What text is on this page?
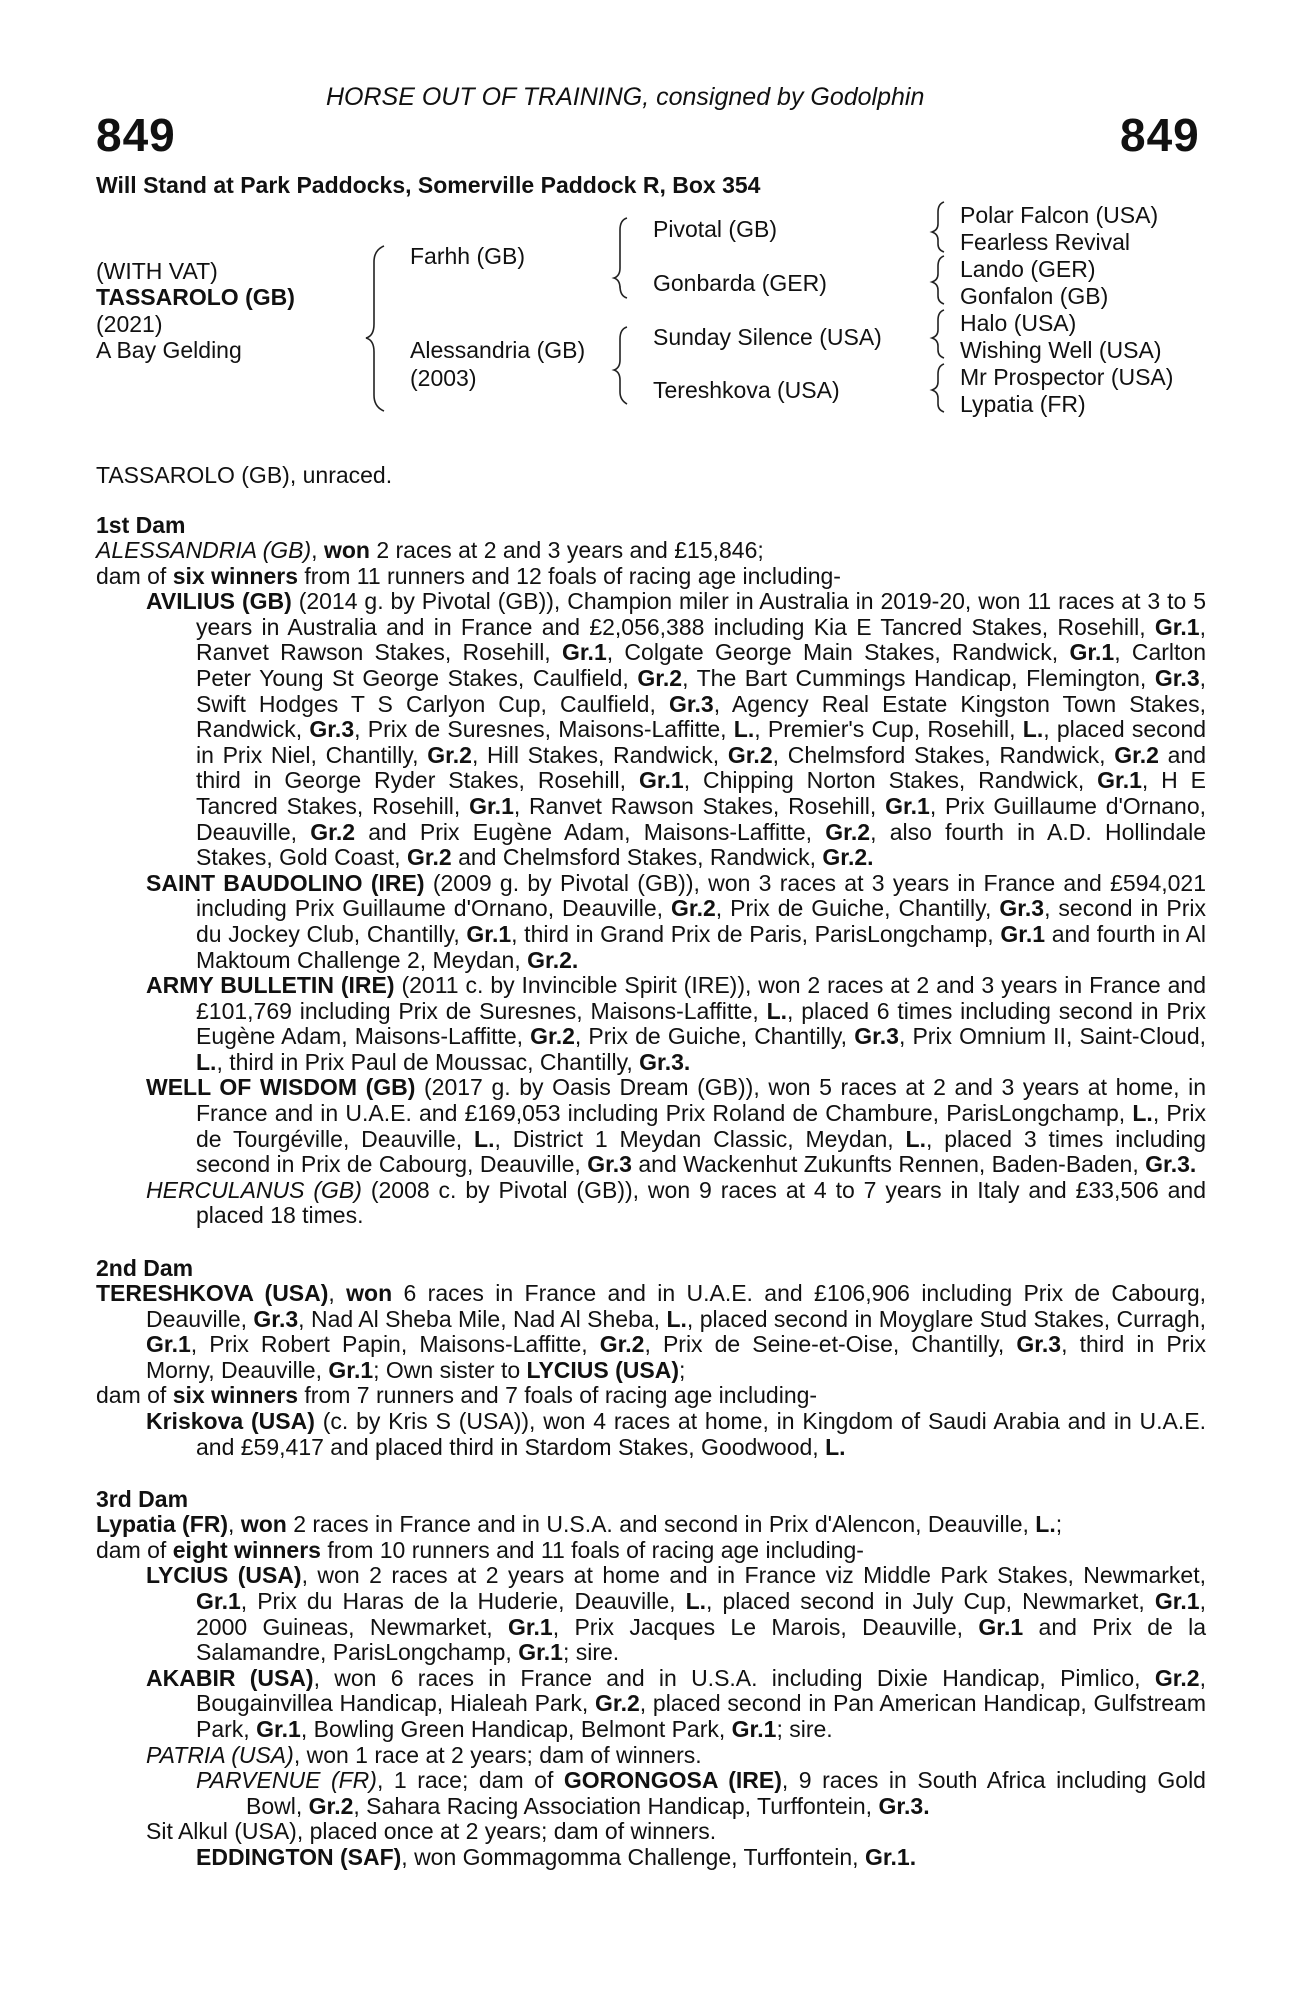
HORSE OUT OF TRAINING, consigned by Godolphin
849	849
Will Stand at Park Paddocks, Somerville Paddock R, Box 354
(WITH VAT)
TASSAROLO (GB)
(2021)
A Bay Gelding
Farhh (GB)
Alessandria (GB)
(2003)
Pivotal (GB)
Gonbarda (GER)
Sunday Silence (USA)
Tereshkova (USA)
Polar Falcon (USA)
Fearless Revival
Lando (GER)
Gonfalon (GB)
Halo (USA)
Wishing Well (USA)
Mr Prospector (USA)
Lypatia (FR)
TASSAROLO (GB), unraced.
1st Dam

ALESSANDRIA (GB), won 2 races at 2 and 3 years and £15,846;

dam of six winners from 11 runners and 12 foals of racing age including-

AVILIUS (GB) (2014 g. by Pivotal (GB)), Champion miler in Australia in 2019-20, won 11 races at 3 to 5 years in Australia and in France and £2,056,388 including Kia E Tancred Stakes, Rosehill, Gr.1, Ranvet Rawson Stakes, Rosehill, Gr.1, Colgate George Main Stakes, Randwick, Gr.1, Carlton Peter Young St George Stakes, Caulfield, Gr.2, The Bart Cummings Handicap, Flemington, Gr.3, Swift Hodges T S Carlyon Cup, Caulfield, Gr.3, Agency Real Estate Kingston Town Stakes, Randwick, Gr.3, Prix de Suresnes, Maisons-Laffitte, L., Premier's Cup, Rosehill, L., placed second in Prix Niel, Chantilly, Gr.2, Hill Stakes, Randwick, Gr.2, Chelmsford Stakes, Randwick, Gr.2 and third in George Ryder Stakes, Rosehill, Gr.1, Chipping Norton Stakes, Randwick, Gr.1, H E Tancred Stakes, Rosehill, Gr.1, Ranvet Rawson Stakes, Rosehill, Gr.1, Prix Guillaume d'Ornano, Deauville, Gr.2 and Prix Eugène Adam, Maisons-Laffitte, Gr.2, also fourth in A.D. Hollindale Stakes, Gold Coast, Gr.2 and Chelmsford Stakes, Randwick, Gr.2.

SAINT BAUDOLINO (IRE) (2009 g. by Pivotal (GB)), won 3 races at 3 years in France and £594,021 including Prix Guillaume d'Ornano, Deauville, Gr.2, Prix de Guiche, Chantilly, Gr.3, second in Prix du Jockey Club, Chantilly, Gr.1, third in Grand Prix de Paris, ParisLongchamp, Gr.1 and fourth in Al Maktoum Challenge 2, Meydan, Gr.2.

ARMY BULLETIN (IRE) (2011 c. by Invincible Spirit (IRE)), won 2 races at 2 and 3 years in France and £101,769 including Prix de Suresnes, Maisons-Laffitte, L., placed 6 times including second in Prix Eugène Adam, Maisons-Laffitte, Gr.2, Prix de Guiche, Chantilly, Gr.3, Prix Omnium II, Saint-Cloud, L., third in Prix Paul de Moussac, Chantilly, Gr.3.

WELL OF WISDOM (GB) (2017 g. by Oasis Dream (GB)), won 5 races at 2 and 3 years at home, in France and in U.A.E. and £169,053 including Prix Roland de Chambure, ParisLongchamp, L., Prix de Tourgéville, Deauville, L., District 1 Meydan Classic, Meydan, L., placed 3 times including second in Prix de Cabourg, Deauville, Gr.3 and Wackenhut Zukunfts Rennen, Baden-Baden, Gr.3.

HERCULANUS (GB) (2008 c. by Pivotal (GB)), won 9 races at 4 to 7 years in Italy and £33,506 and placed 18 times.

2nd Dam

TERESHKOVA (USA), won 6 races in France and in U.A.E. and £106,906 including Prix de Cabourg, Deauville, Gr.3, Nad Al Sheba Mile, Nad Al Sheba, L., placed second in Moyglare Stud Stakes, Curragh, Gr.1, Prix Robert Papin, Maisons-Laffitte, Gr.2, Prix de Seine-et-Oise, Chantilly, Gr.3, third in Prix Morny, Deauville, Gr.1; Own sister to LYCIUS (USA);

dam of six winners from 7 runners and 7 foals of racing age including-

Kriskova (USA) (c. by Kris S (USA)), won 4 races at home, in Kingdom of Saudi Arabia and in U.A.E. and £59,417 and placed third in Stardom Stakes, Goodwood, L.

3rd Dam

Lypatia (FR), won 2 races in France and in U.S.A. and second in Prix d'Alencon, Deauville, L.;

dam of eight winners from 10 runners and 11 foals of racing age including-

LYCIUS (USA), won 2 races at 2 years at home and in France viz Middle Park Stakes, Newmarket, Gr.1, Prix du Haras de la Huderie, Deauville, L., placed second in July Cup, Newmarket, Gr.1, 2000 Guineas, Newmarket, Gr.1, Prix Jacques Le Marois, Deauville, Gr.1 and Prix de la Salamandre, ParisLongchamp, Gr.1; sire.

AKABIR (USA), won 6 races in France and in U.S.A. including Dixie Handicap, Pimlico, Gr.2, Bougainvillea Handicap, Hialeah Park, Gr.2, placed second in Pan American Handicap, Gulfstream Park, Gr.1, Bowling Green Handicap, Belmont Park, Gr.1; sire.

PATRIA (USA), won 1 race at 2 years; dam of winners.

PARVENUE (FR), 1 race; dam of GORONGOSA (IRE), 9 races in South Africa including Gold Bowl, Gr.2, Sahara Racing Association Handicap, Turffontein, Gr.3.

Sit Alkul (USA), placed once at 2 years; dam of winners.

EDDINGTON (SAF), won Gommagomma Challenge, Turffontein, Gr.1.
